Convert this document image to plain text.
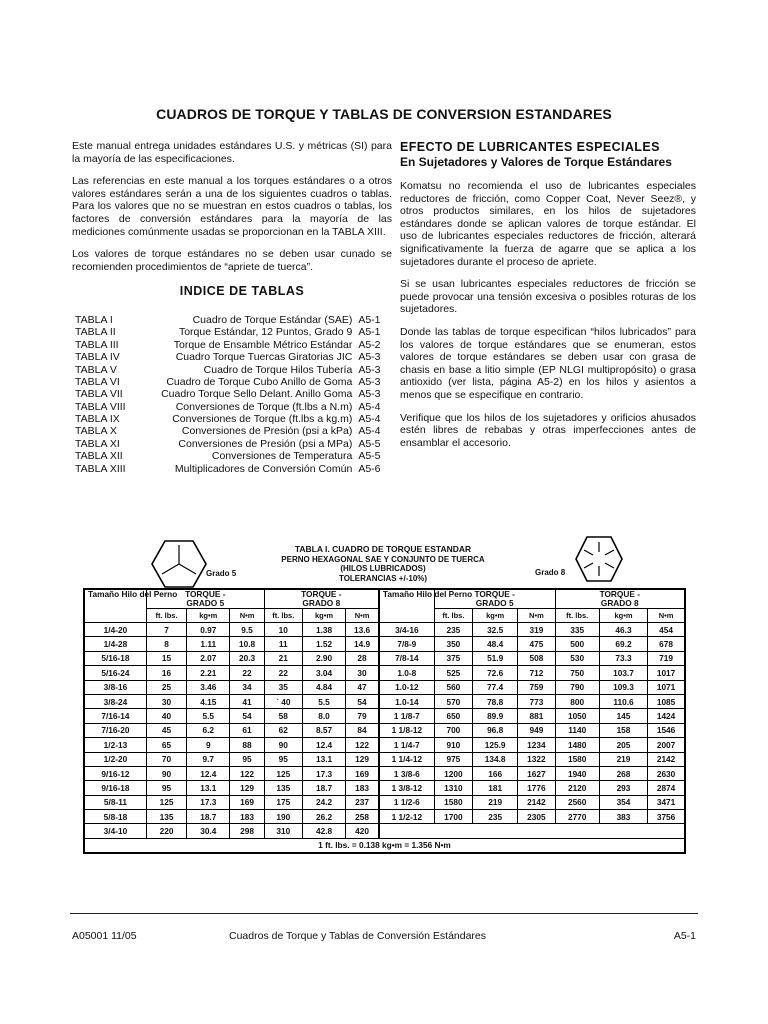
CUADROS DE TORQUE Y TABLAS DE CONVERSION ESTANDARES

Este manual entrega unidades estándares U.S. y métricas (SI) para la mayoría de las especificaciones.

Las referencias en este manual a los torques estándares o a otros valores estándares serán a una de los siguientes cuadros o tablas. Para los valores que no se muestran en estos cuadros o tablas, los factores de conversión estándares para la mayoría de las mediciones comúnmente usadas se proporcionan en la TABLA XIII.

Los valores de torque estándares no se deben usar cunado se recomienden procedimientos de “apriete de tuerca”.

INDICE DE TABLAS
TABLA I	Cuadro de Torque Estándar (SAE) A5-1
TABLA II	Torque Estándar, 12 Puntos, Grado 9 A5-1
TABLA III	Torque de Ensamble Métrico Estándar A5-2
TABLA IV	Cuadro Torque Tuercas Giratorias JIC A5-3
TABLA V	Cuadro de Torque Hilos Tubería A5-3
TABLA VI	Cuadro de Torque Cubo Anillo de Goma A5-3
TABLA VII	Cuadro Torque Sello Delant. Anillo Goma A5-3
TABLA VIII	Conversiones de Torque (ft.lbs a N.m) A5-4
TABLA IX	Conversiones de Torque (ft.lbs a kg.m) A5-4
TABLA X	Conversiones de Presión (psi a kPa) A5-4
TABLA XI	Conversiones de Presión (psi a MPa) A5-5
TABLA XII	Conversiones de Temperatura A5-5
TABLA XIII	Multiplicadores de Conversión Común A5-6
EFECTO DE LUBRICANTES ESPECIALES
En Sujetadores y Valores de Torque Estándares

Komatsu no recomienda el uso de lubricantes especiales reductores de fricción, como Copper Coat, Never Seez®, y otros productos similares, en los hilos de sujetadores estándares donde se aplican valores de torque estándar. El uso de lubricantes especiales reductores de fricción, alterará significativamente la fuerza de agarre que se aplica a los sujetadores durante el proceso de apriete.

Si se usan lubricantes especiales reductores de fricción se puede provocar una tensión excesiva o posibles roturas de los sujetadores.

Donde las tablas de torque especifican “hilos lubricados” para los valores de torque estándares que se enumeran, estos valores de torque estándares se deben usar con grasa de chasis en base a litio simple (EP NLGI multipropósito) o grasa antioxido (ver lista, página A5-2) en los hilos y asientos a menos que se especifique en contrario.

Verifique que los hilos de los sujetadores y orificios ahusados estén libres de rebabas y otras imperfecciones antes de ensamblar el accesorio.

Grado 5
TABLA I. CUADRO DE TORQUE ESTANDAR
PERNO HEXAGONAL SAE Y CONJUNTO DE TUERCA
(HILOS LUBRICADOS)
TOLERANCIAS +/-10%)
Grado 8
Tamaño Hilo del Perno	TORQUE -
GRADO 5			TORQUE -
GRADO 8			Tamaño Hilo del Perno	TORQUE -
GRADO 5			TORQUE -
GRADO 8		
	ft. lbs.	kg•m	N•m	ft. lbs.	kg•m	N•m		ft. lbs.	kg•m	N•m	ft. lbs.	kg•m	N•m
1/4-20	7	0.97	9.5	10	1.38	13.6	3/4-16	235	32.5	319	335	46.3	454
1/4-28	8	1.11	10.8	11	1.52	14.9	7/8-9	350	48.4	475	500	69.2	678
5/16-18	15	2.07	20.3	21	2.90	28	7/8-14	375	51.9	508	530	73.3	719
5/16-24	16	2.21	22	22	3.04	30	1.0-8	525	72.6	712	750	103.7	1017
3/8-16	25	3.46	34	35	4.84	47	1.0-12	560	77.4	759	790	109.3	1071
3/8-24	30	4.15	41	` 40	5.5	54	1.0-14	570	78.8	773	800	110.6	1085
7/16-14	40	5.5	54	58	8.0	79	1 1/8-7	650	89.9	881	1050	145	1424
7/16-20	45	6.2	61	62	8.57	84	1 1/8-12	700	96.8	949	1140	158	1546
1/2-13	65	9	88	90	12.4	122	1 1/4-7	910	125.9	1234	1480	205	2007
1/2-20	70	9.7	95	95	13.1	129	1 1/4-12	975	134.8	1322	1580	219	2142
9/16-12	90	12.4	122	125	17.3	169	1 3/8-6	1200	166	1627	1940	268	2630
9/16-18	95	13.1	129	135	18.7	183	1 3/8-12	1310	181	1776	2120	293	2874
5/8-11	125	17.3	169	175	24.2	237	1 1/2-6	1580	219	2142	2560	354	3471
5/8-18	135	18.7	183	190	26.2	258	1 1/2-12	1700	235	2305	2770	383	3756
3/4-10	220	30.4	298	310	42.8	420							
1 ft. lbs. = 0.138 kg•m = 1.356 N•m													
A05001 11/05	Cuadros de Torque y Tablas de Conversión Estándares	A5-1
